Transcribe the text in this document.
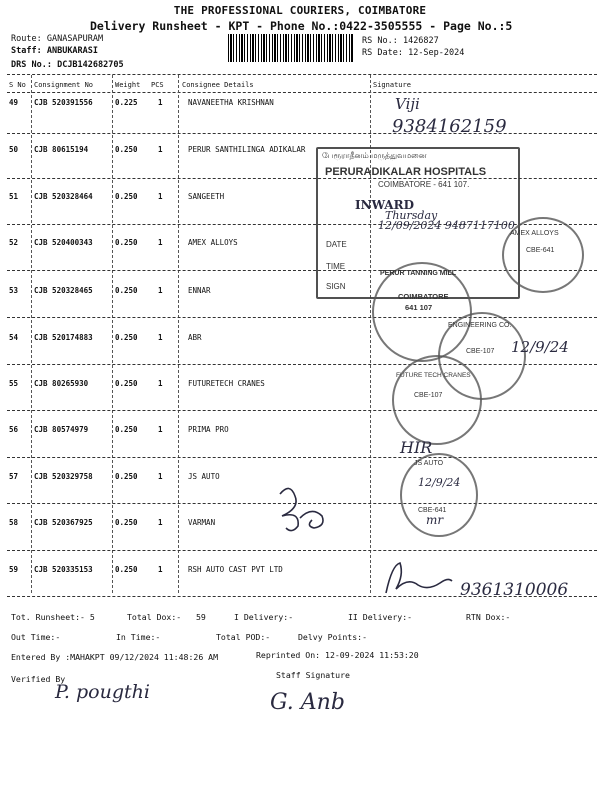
THE PROFESSIONAL COURIERS, COIMBATORE
Delivery Runsheet - KPT - Phone No.:0422-3505555 - Page No.:5
Route: GANASAPURAM
Staff: ANBUKARASI
DRS No.: DCJB142682705
RS No.: 1426827
RS Date: 12-Sep-2024
S No Consignment No	Weight PCS	Consignee Details	Signature
49 CJB 520391556	0.225	1	NAVANEETHA KRISHNAN
50 CJB 80615194	0.250	1	PERUR SANTHILINGA ADIKALAR
51 CJB 520328464	0.250	1	SANGEETH
52 CJB 520400343	0.250	1	AMEX ALLOYS
53 CJB 520328465	0.250	1	ENNAR
54 CJB 520174883	0.250	1	ABR
55 CJB 80265930	0.250	1	FUTURETECH CRANES
56 CJB 80574979	0.250	1	PRIMA PRO
57 CJB 520329758	0.250	1	JS AUTO
58 CJB 520367925	0.250	1	VARMAN
59 CJB 520335153	0.250	1	RSH AUTO CAST PVT LTD
பேரூராதீனம் மருத்துவமனை
PERURADIKALAR HOSPITALS
COIMBATORE - 641 107.
DATE
TIME
SIGN
PERUR TANNING MILL
COIMBATORE
641 107
ENGINEERING CO.
CBE-107
FUTURE TECH CRANES
CBE-107
AMEX ALLOYS
CBE-641
JS AUTO
CBE-641
Viji
9384162159
INWARD
Thursday
12/09/2024 9487117100
HIR
12/9/24
12/9/24
mr
9361310006
Tot. Runsheet:- 5	Total Dox:- 59	I Delivery:-	II Delivery:-	RTN Dox:-
Out Time:-	In Time:-	Total POD:-	Delvy Points:-
Entered By :MAHAKPT 09/12/2024 11:48:26 AM	Reprinted On: 12-09-2024 11:53:20
Verified By	Staff Signature
P. pougthi	G. Anb
